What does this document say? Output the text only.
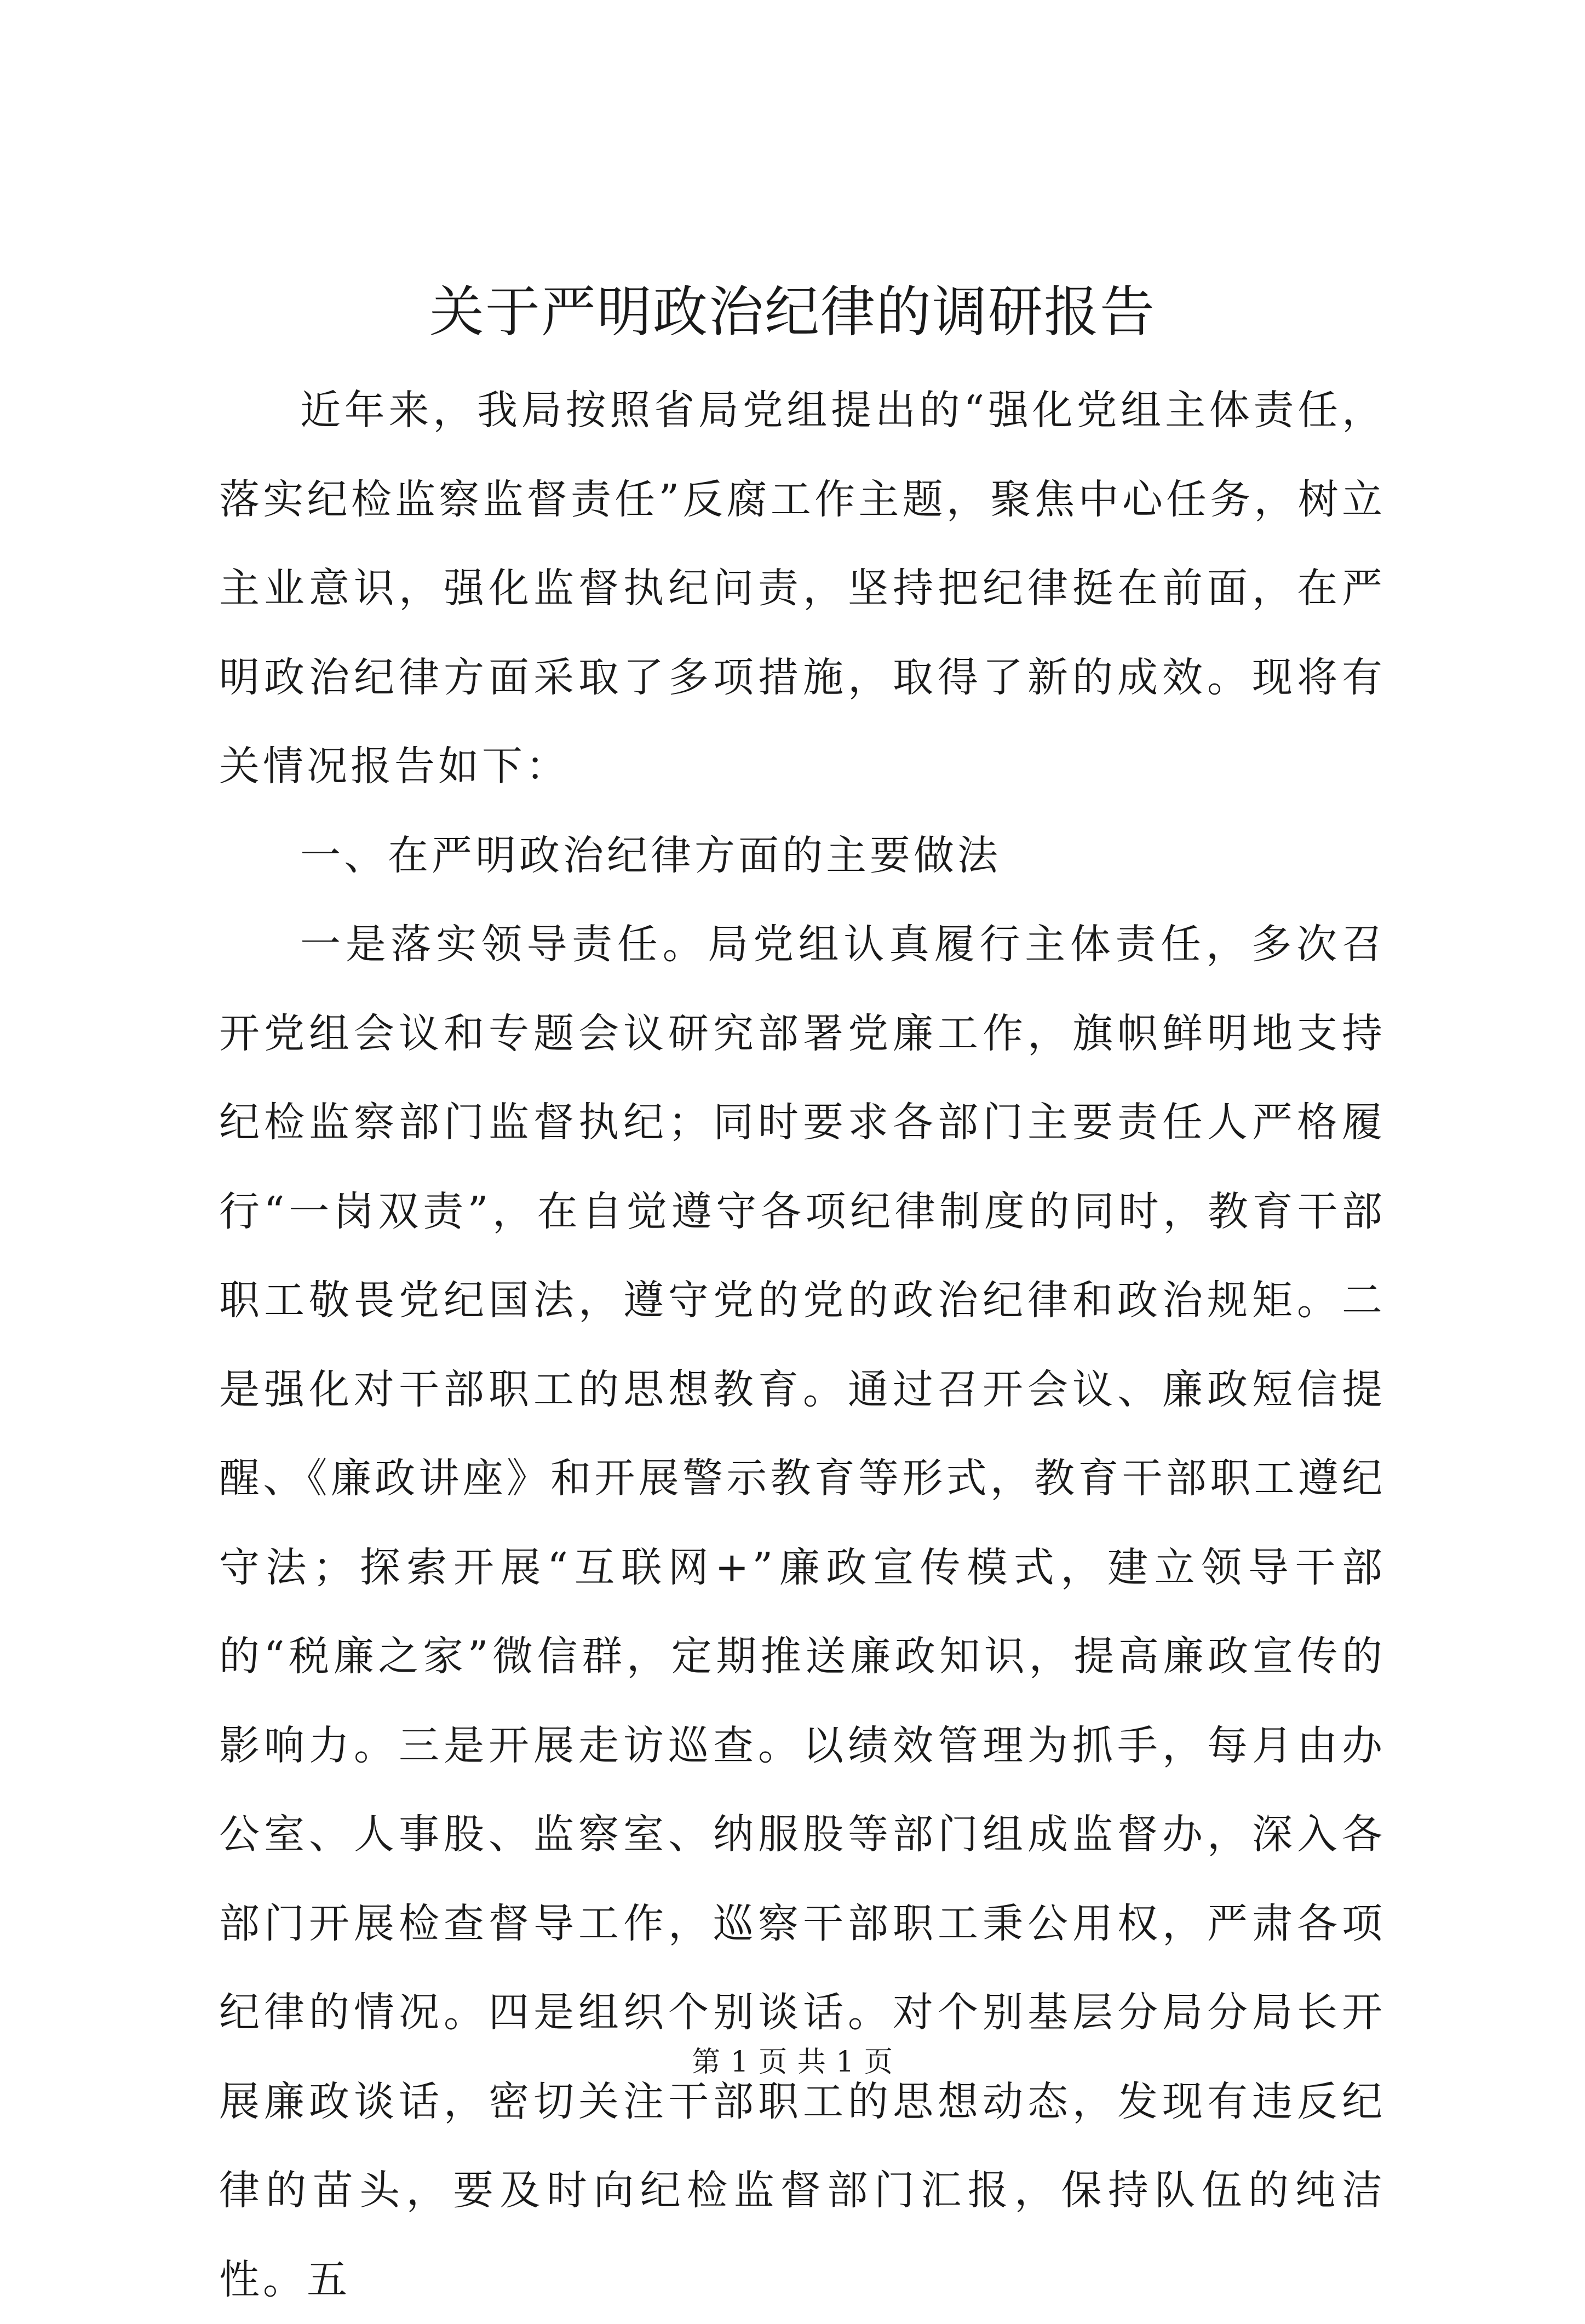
关于严明政治纪律的调研报告

近年来，我局按照省局党组提出的“强化党组主体责任，落实纪检监察监督责任”反腐工作主题，聚焦中心任务，树立主业意识，强化监督执纪问责，坚持把纪律挺在前面，在严明政治纪律方面采取了多项措施，取得了新的成效。现将有关情况报告如下：

一、在严明政治纪律方面的主要做法

一是落实领导责任。局党组认真履行主体责任，多次召开党组会议和专题会议研究部署党廉工作，旗帜鲜明地支持纪检监察部门监督执纪；同时要求各部门主要责任人严格履行“一岗双责”，在自觉遵守各项纪律制度的同时，教育干部职工敬畏党纪国法，遵守党的党的政治纪律和政治规矩。二是强化对干部职工的思想教育。通过召开会议、廉政短信提醒、《廉政讲座》和开展警示教育等形式，教育干部职工遵纪守法；探索开展“互联网+”廉政宣传模式，建立领导干部的“税廉之家”微信群，定期推送廉政知识，提高廉政宣传的影响力。三是开展走访巡查。以绩效管理为抓手，每月由办公室、人事股、监察室、纳服股等部门组成监督办，深入各部门开展检查督导工作，巡察干部职工秉公用权，严肃各项纪律的情况。四是组织个别谈话。对个别基层分局分局长开展廉政谈话，密切关注干部职工的思想动态，发现有违反纪律的苗头，要及时向纪检监督部门汇报，保持队伍的纯洁性。五

第 1 页 共 1 页
